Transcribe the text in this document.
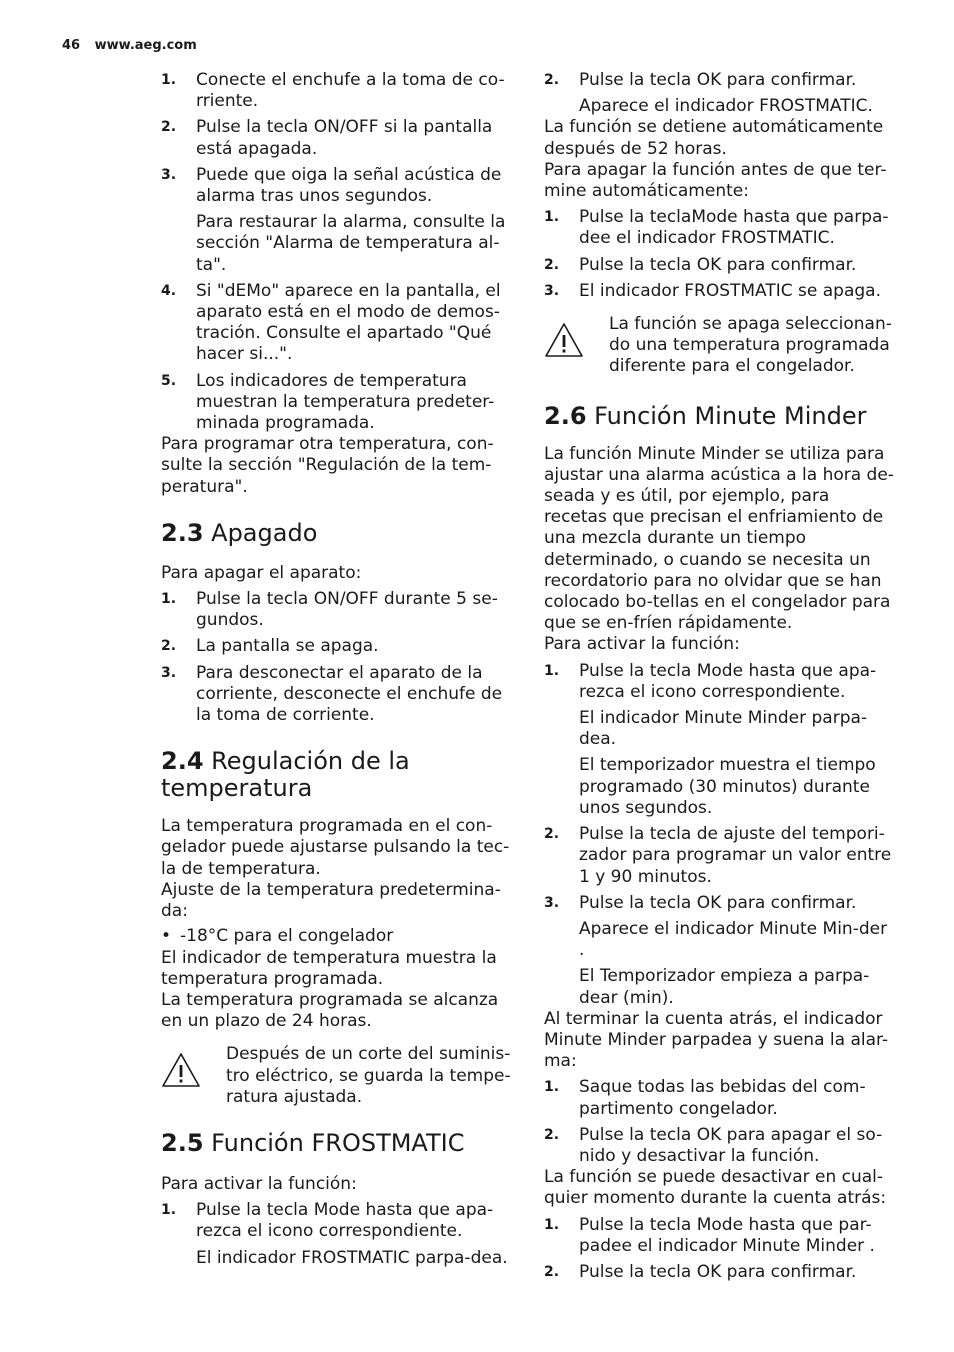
46 www.aeg.com
1. Conecte el enchufe a la toma de co-rriente.
2. Pulse la tecla ON/OFF si la pantalla está apagada.
3. Puede que oiga la señal acústica de alarma tras unos segundos.

Para restaurar la alarma, consulte la sección "Alarma de temperatura al-ta".

4. Si "dEMo" aparece en la pantalla, el aparato está en el modo de demos-tración. Consulte el apartado "Qué hacer si...".
5. Los indicadores de temperatura muestran la temperatura predeter-minada programada.

Para programar otra temperatura, con-sulte la sección "Regulación de la tem-peratura".

2.3 Apagado

Para apagar el aparato:

1. Pulse la tecla ON/OFF durante 5 se-gundos.
2. La pantalla se apaga.
3. Para desconectar el aparato de la corriente, desconecte el enchufe de la toma de corriente.
2.4 Regulación de la temperatura

La temperatura programada en el con-gelador puede ajustarse pulsando la tec-la de temperatura.

Ajuste de la temperatura predetermina-da:

• -18°C para el congelador

El indicador de temperatura muestra la temperatura programada.

La temperatura programada se alcanza en un plazo de 24 horas.

Después de un corte del suminis-tro eléctrico, se guarda la tempe-ratura ajustada.

2.5 Función FROSTMATIC

Para activar la función:

1. Pulse la tecla Mode hasta que apa-rezca el icono correspondiente.

El indicador FROSTMATIC parpa-dea.

2. Pulse la tecla OK para confirmar.

Aparece el indicador FROSTMATIC.

La función se detiene automáticamente después de 52 horas.

Para apagar la función antes de que ter-mine automáticamente:

1. Pulse la teclaMode hasta que parpa-dee el indicador FROSTMATIC.
2. Pulse la tecla OK para confirmar.
3. El indicador FROSTMATIC se apaga.

La función se apaga seleccionan-do una temperatura programada diferente para el congelador.

2.6 Función Minute Minder

La función Minute Minder se utiliza para ajustar una alarma acústica a la hora de-seada y es útil, por ejemplo, para recetas que precisan el enfriamiento de una mezcla durante un tiempo determinado, o cuando se necesita un recordatorio para no olvidar que se han colocado bo-tellas en el congelador para que se en-fríen rápidamente.

Para activar la función:

1. Pulse la tecla Mode hasta que apa-rezca el icono correspondiente.

El indicador Minute Minder parpa-dea.

El temporizador muestra el tiempo programado (30 minutos) durante unos segundos.

2. Pulse la tecla de ajuste del tempori-zador para programar un valor entre 1 y 90 minutos.
3. Pulse la tecla OK para confirmar.

Aparece el indicador Minute Min-der .

El Temporizador empieza a parpa-dear (min).

Al terminar la cuenta atrás, el indicador Minute Minder parpadea y suena la alar-ma:

1. Saque todas las bebidas del com-partimento congelador.
2. Pulse la tecla OK para apagar el so-nido y desactivar la función.

La función se puede desactivar en cual-quier momento durante la cuenta atrás:

1. Pulse la tecla Mode hasta que par-padee el indicador Minute Minder .
2. Pulse la tecla OK para confirmar.
